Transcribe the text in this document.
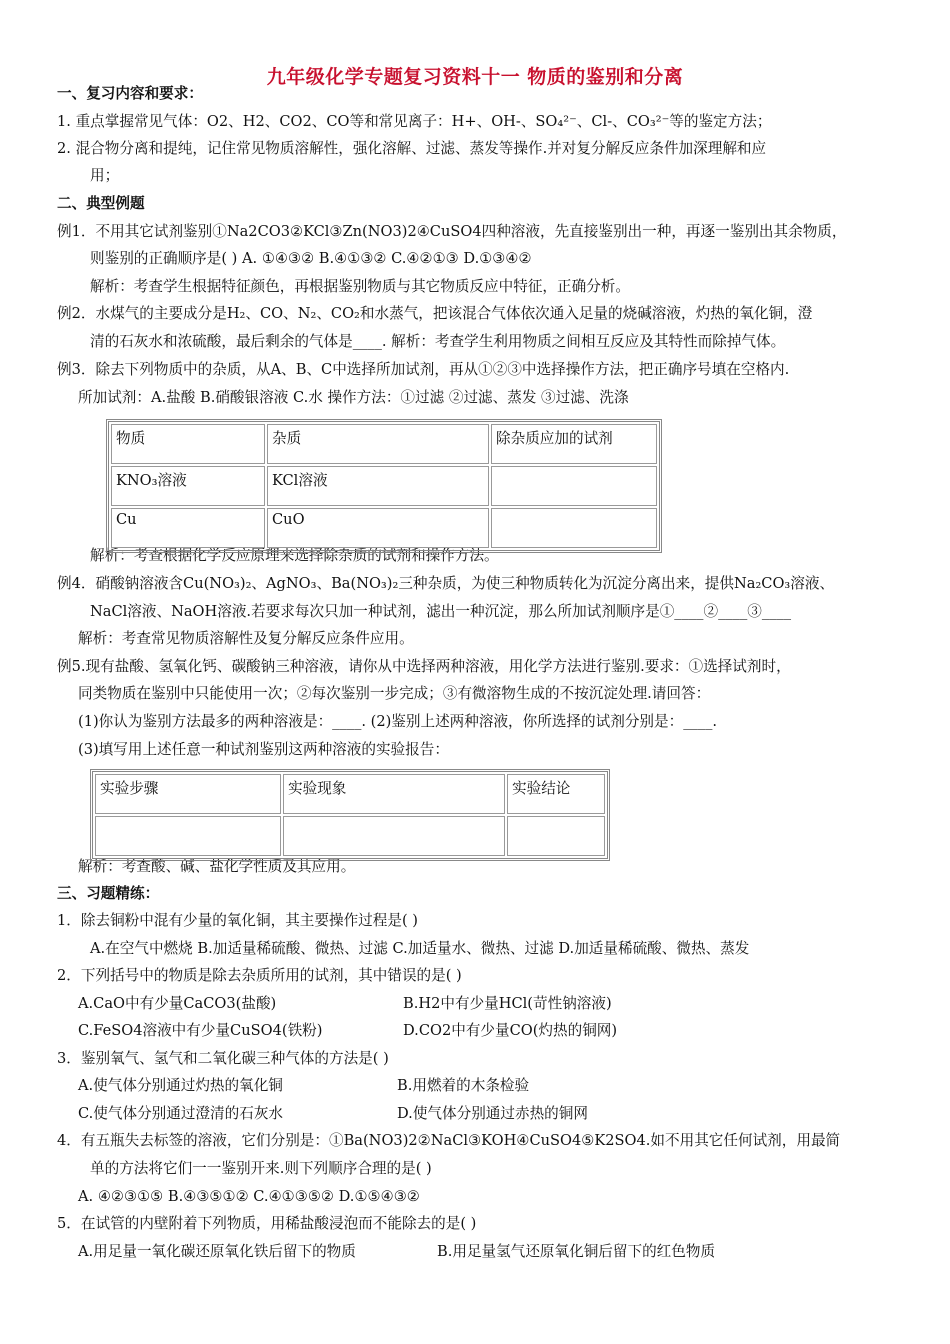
九年级化学专题复习资料十一 物质的鉴别和分离
一、复习内容和要求：
1. 重点掌握常见气体：O2、H2、CO2、CO等和常见离子：H+、OH-、SO₄²⁻、Cl-、CO₃²⁻等的鉴定方法；
2. 混合物分离和提纯，记住常见物质溶解性，强化溶解、过滤、蒸发等操作.并对复分解反应条件加深理解和应
用；
二、典型例题
例1．不用其它试剂鉴别①Na2CO3②KCl③Zn(NO3)2④CuSO4四种溶液，先直接鉴别出一种，再逐一鉴别出其余物质，
则鉴别的正确顺序是( ) A. ①④③② B.④①③② C.④②①③ D.①③④②
解析：考查学生根据特征颜色，再根据鉴别物质与其它物质反应中特征，正确分析。
例2．水煤气的主要成分是H₂、CO、N₂、CO₂和水蒸气，把该混合气体依次通入足量的烧碱溶液，灼热的氧化铜，澄
清的石灰水和浓硫酸，最后剩余的气体是____. 解析：考查学生利用物质之间相互反应及其特性而除掉气体。
例3．除去下列物质中的杂质，从A、B、C中选择所加试剂，再从①②③中选择操作方法，把正确序号填在空格内.
所加试剂：A.盐酸 B.硝酸银溶液 C.水 操作方法：①过滤 ②过滤、蒸发 ③过滤、洗涤
解析：考查根据化学反应原理来选择除杂质的试剂和操作方法。
例4．硝酸钠溶液含Cu(NO₃)₂、AgNO₃、Ba(NO₃)₂三种杂质，为使三种物质转化为沉淀分离出来，提供Na₂CO₃溶液、
NaCl溶液、NaOH溶液.若要求每次只加一种试剂，滤出一种沉淀，那么所加试剂顺序是①____②____③____
解析：考查常见物质溶解性及复分解反应条件应用。
例5.现有盐酸、氢氧化钙、碳酸钠三种溶液，请你从中选择两种溶液，用化学方法进行鉴别.要求：①选择试剂时，
同类物质在鉴别中只能使用一次；②每次鉴别一步完成；③有微溶物生成的不按沉淀处理.请回答：
(1)你认为鉴别方法最多的两种溶液是：____. (2)鉴别上述两种溶液，你所选择的试剂分别是：____.
(3)填写用上述任意一种试剂鉴别这两种溶液的实验报告：
解析：考查酸、碱、盐化学性质及其应用。
三、习题精练：
1．除去铜粉中混有少量的氧化铜，其主要操作过程是( )
A.在空气中燃烧 B.加适量稀硫酸、微热、过滤 C.加适量水、微热、过滤 D.加适量稀硫酸、微热、蒸发
2．下列括号中的物质是除去杂质所用的试剂，其中错误的是( )
A.CaO中有少量CaCO3(盐酸)	B.H2中有少量HCl(苛性钠溶液)
C.FeSO4溶液中有少量CuSO4(铁粉)	D.CO2中有少量CO(灼热的铜网)
3．鉴别氧气、氢气和二氧化碳三种气体的方法是( )
A.使气体分别通过灼热的氧化铜	B.用燃着的木条检验
C.使气体分别通过澄清的石灰水	D.使气体分别通过赤热的铜网
4．有五瓶失去标签的溶液，它们分别是：①Ba(NO3)2②NaCl③KOH④CuSO4⑤K2SO4.如不用其它任何试剂，用最简
单的方法将它们一一鉴别开来.则下列顺序合理的是( )
A. ④②③①⑤ B.④③⑤①② C.④①③⑤② D.①⑤④③②
5．在试管的内壁附着下列物质，用稀盐酸浸泡而不能除去的是( )
A.用足量一氧化碳还原氧化铁后留下的物质	B.用足量氢气还原氧化铜后留下的红色物质
物质	杂质	除杂质应加的试剂
KNO₃溶液	KCl溶液	
Cu	CuO	
实验步骤	实验现象	实验结论
